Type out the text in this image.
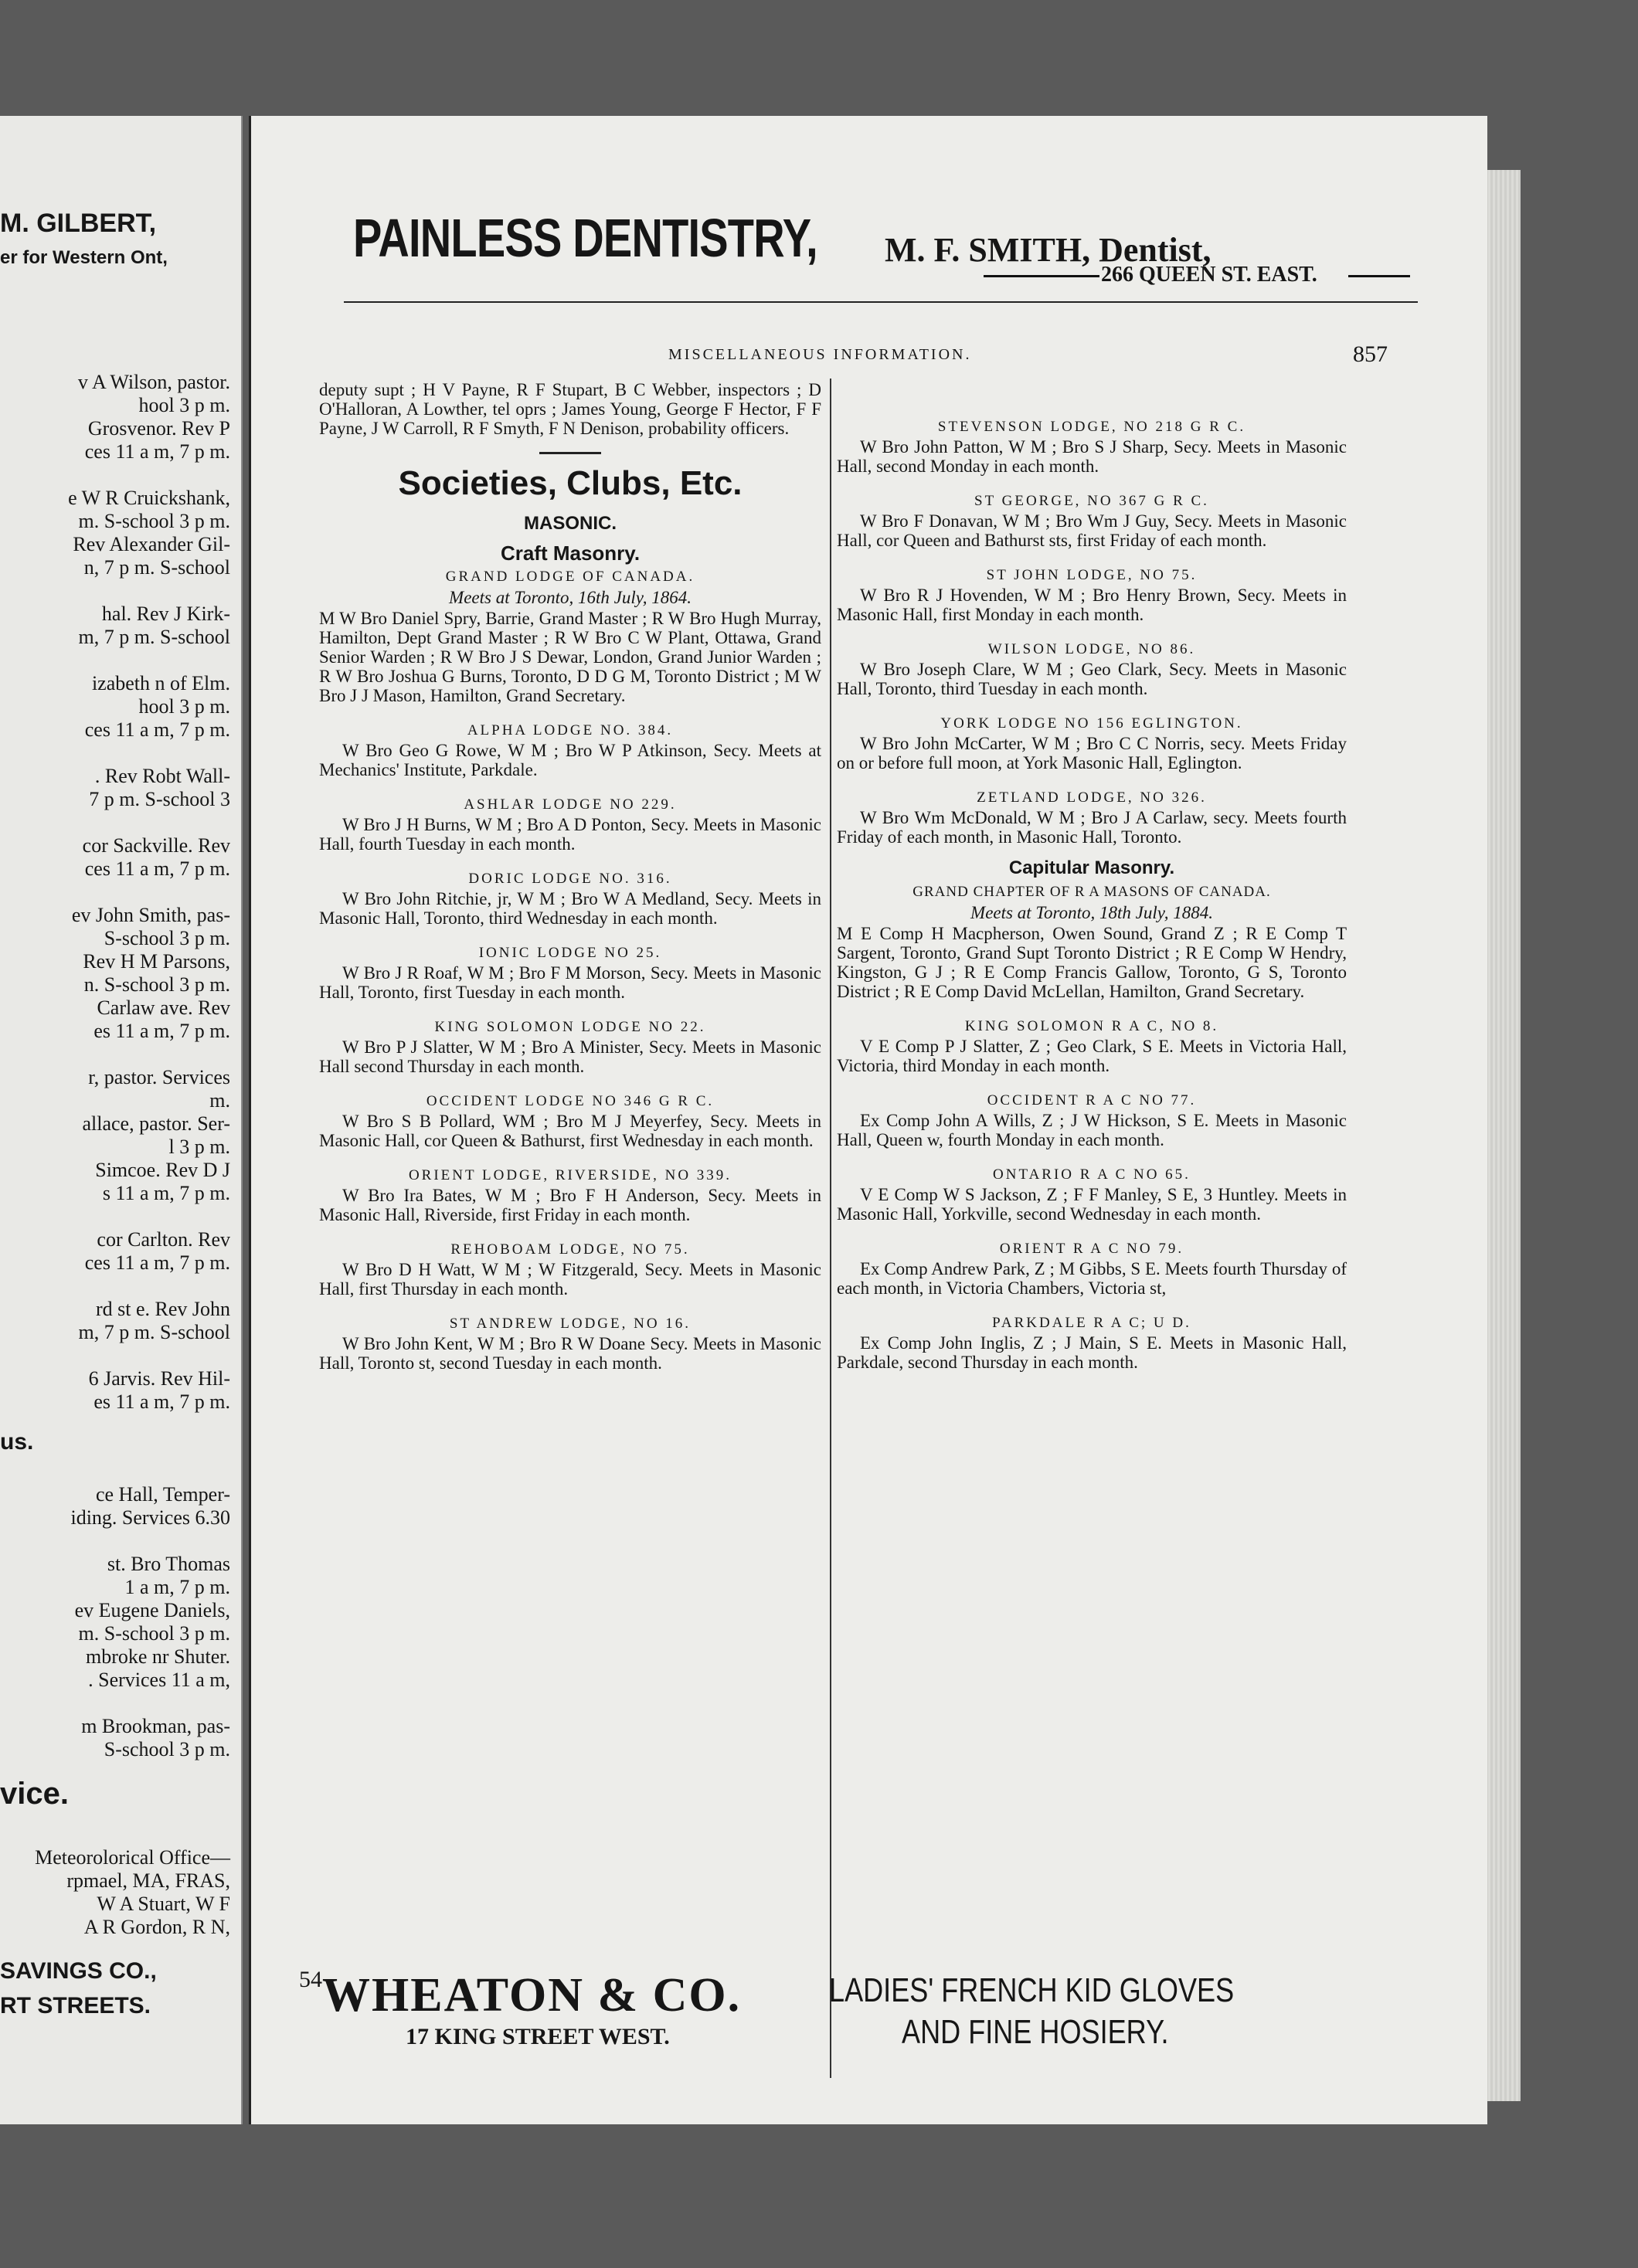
M. GILBERT,
er for Western Ont,
v A Wilson, pastor.
hool 3 p m.
Grosvenor. Rev P
ces 11 a m, 7 p m.
e W R Cruickshank,
m. S-school 3 p m.
Rev Alexander Gil-
n, 7 p m. S-school
hal. Rev J Kirk-
m, 7 p m. S-school
izabeth n of Elm.
hool 3 p m.
ces 11 a m, 7 p m.
. Rev Robt Wall-
7 p m. S-school 3
cor Sackville. Rev
ces 11 a m, 7 p m.
ev John Smith, pas-
S-school 3 p m.
Rev H M Parsons,
n. S-school 3 p m.
Carlaw ave. Rev
es 11 a m, 7 p m.
r, pastor. Services
m.
allace, pastor. Ser-
l 3 p m.
Simcoe. Rev D J
s 11 a m, 7 p m.
cor Carlton. Rev
ces 11 a m, 7 p m.
rd st e. Rev John
m, 7 p m. S-school
6 Jarvis. Rev Hil-
es 11 a m, 7 p m.
ce Hall, Temper-
iding. Services 6.30
st. Bro Thomas
1 a m, 7 p m.
ev Eugene Daniels,
m. S-school 3 p m.
mbroke nr Shuter.
. Services 11 a m,
m Brookman, pas-
S-school 3 p m.
Meteorolorical Office—
rpmael, MA, FRAS,
W A Stuart, W F
A R Gordon, R N,
us.
vice.
SAVINGS CO.,
RT STREETS.
PAINLESS DENTISTRY, M. F. SMITH, Dentist,
266 QUEEN ST. EAST.
MISCELLANEOUS INFORMATION.	857

deputy supt ; H V Payne, R F Stupart, B C Webber, inspectors ; D O'Halloran, A Lowther, tel oprs ; James Young, George F Hector, F F Payne, J W Carroll, R F Smyth, F N Denison, probability officers.

Societies, Clubs, Etc.

MASONIC.

Craft Masonry.

GRAND LODGE OF CANADA.

Meets at Toronto, 16th July, 1864.

M W Bro Daniel Spry, Barrie, Grand Master ; R W Bro Hugh Murray, Hamilton, Dept Grand Master ; R W Bro C W Plant, Ottawa, Grand Senior Warden ; R W Bro J S Dewar, London, Grand Junior Warden ; R W Bro Joshua G Burns, Toronto, D D G M, Toronto District ; M W Bro J J Mason, Hamilton, Grand Secretary.

ALPHA LODGE NO. 384.

W Bro Geo G Rowe, W M ; Bro W P Atkinson, Secy. Meets at Mechanics' Institute, Parkdale.

ASHLAR LODGE NO 229.

W Bro J H Burns, W M ; Bro A D Ponton, Secy. Meets in Masonic Hall, fourth Tuesday in each month.

DORIC LODGE NO. 316.

W Bro John Ritchie, jr, W M ; Bro W A Medland, Secy. Meets in Masonic Hall, Toronto, third Wednesday in each month.

IONIC LODGE NO 25.

W Bro J R Roaf, W M ; Bro F M Morson, Secy. Meets in Masonic Hall, Toronto, first Tuesday in each month.

KING SOLOMON LODGE NO 22.

W Bro P J Slatter, W M ; Bro A Minister, Secy. Meets in Masonic Hall second Thursday in each month.

OCCIDENT LODGE NO 346 G R C.

W Bro S B Pollard, WM ; Bro M J Meyerfey, Secy. Meets in Masonic Hall, cor Queen & Bathurst, first Wednesday in each month.

ORIENT LODGE, RIVERSIDE, NO 339.

W Bro Ira Bates, W M ; Bro F H Anderson, Secy. Meets in Masonic Hall, Riverside, first Friday in each month.

REHOBOAM LODGE, NO 75.

W Bro D H Watt, W M ; W Fitzgerald, Secy. Meets in Masonic Hall, first Thursday in each month.

ST ANDREW LODGE, NO 16.

W Bro John Kent, W M ; Bro R W Doane Secy. Meets in Masonic Hall, Toronto st, second Tuesday in each month.

STEVENSON LODGE, NO 218 G R C.

W Bro John Patton, W M ; Bro S J Sharp, Secy. Meets in Masonic Hall, second Monday in each month.

ST GEORGE, NO 367 G R C.

W Bro F Donavan, W M ; Bro Wm J Guy, Secy. Meets in Masonic Hall, cor Queen and Bathurst sts, first Friday of each month.

ST JOHN LODGE, NO 75.

W Bro R J Hovenden, W M ; Bro Henry Brown, Secy. Meets in Masonic Hall, first Monday in each month.

WILSON LODGE, NO 86.

W Bro Joseph Clare, W M ; Geo Clark, Secy. Meets in Masonic Hall, Toronto, third Tuesday in each month.

YORK LODGE NO 156 EGLINGTON.

W Bro John McCarter, W M ; Bro C C Norris, secy. Meets Friday on or before full moon, at York Masonic Hall, Eglington.

ZETLAND LODGE, NO 326.

W Bro Wm McDonald, W M ; Bro J A Carlaw, secy. Meets fourth Friday of each month, in Masonic Hall, Toronto.

Capitular Masonry.

GRAND CHAPTER OF R A MASONS OF CANADA.

Meets at Toronto, 18th July, 1884.

M E Comp H Macpherson, Owen Sound, Grand Z ; R E Comp T Sargent, Toronto, Grand Supt Toronto District ; R E Comp W Hendry, Kingston, G J ; R E Comp Francis Gallow, Toronto, G S, Toronto District ; R E Comp David McLellan, Hamilton, Grand Secretary.

KING SOLOMON R A C, NO 8.

V E Comp P J Slatter, Z ; Geo Clark, S E. Meets in Victoria Hall, Victoria, third Monday in each month.

OCCIDENT R A C NO 77.

Ex Comp John A Wills, Z ; J W Hickson, S E. Meets in Masonic Hall, Queen w, fourth Monday in each month.

ONTARIO R A C NO 65.

V E Comp W S Jackson, Z ; F F Manley, S E, 3 Huntley. Meets in Masonic Hall, Yorkville, second Wednesday in each month.

ORIENT R A C NO 79.

Ex Comp Andrew Park, Z ; M Gibbs, S E. Meets fourth Thursday of each month, in Victoria Chambers, Victoria st,

PARKDALE R A C; U D.

Ex Comp John Inglis, Z ; J Main, S E. Meets in Masonic Hall, Parkdale, second Thursday in each month.

54 WHEATON & CO.
17 KING STREET WEST.
LADIES' FRENCH KID GLOVES
AND FINE HOSIERY.
